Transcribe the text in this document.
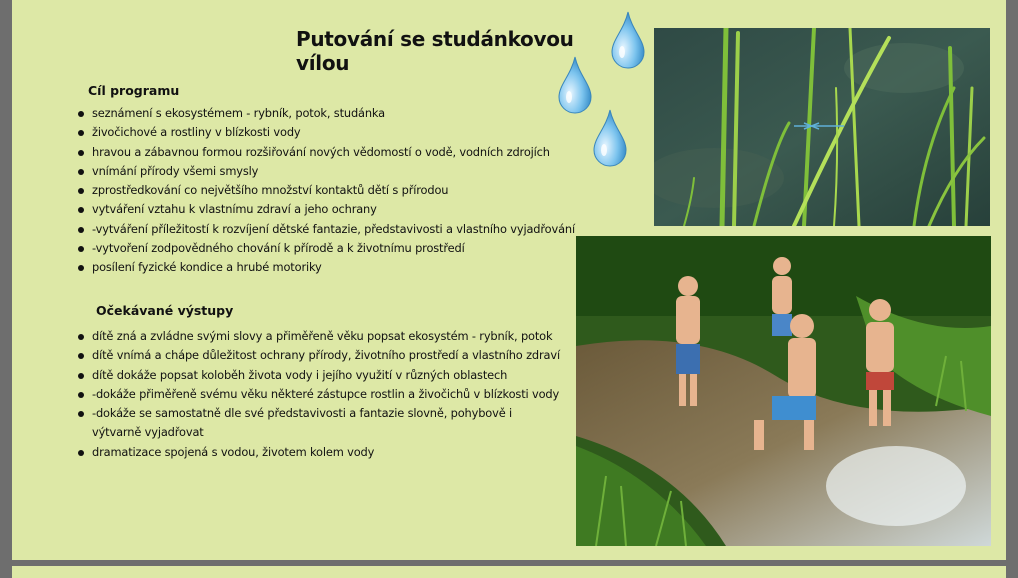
Putování se studánkovou vílou
Cíl programu
seznámení s ekosystémem - rybník, potok, studánka
živočichové a rostliny v blízkosti vody
hravou a zábavnou formou rozšiřování nových vědomostí o vodě, vodních zdrojích
vnímání přírody všemi smysly
zprostředkování co největšího množství kontaktů dětí s přírodou
vytváření vztahu k vlastnímu zdraví a jeho ochrany
-vytváření příležitostí k rozvíjení dětské fantazie, představivosti a vlastního vyjadřování
-vytvoření zodpovědného chování k přírodě a k životnímu prostředí
posílení fyzické kondice a hrubé motoriky
Očekávané výstupy
dítě zná a zvládne svými slovy a přiměřeně věku popsat ekosystém - rybník, potok
dítě vnímá a chápe důležitost ochrany přírody, životního prostředí a vlastního zdraví
dítě dokáže popsat koloběh života vody i jejího využití v různých oblastech
-dokáže přiměřeně svému věku některé zástupce rostlin a živočichů v blízkosti vody
-dokáže se samostatně dle své představivosti a fantazie slovně, pohybově i výtvarně vyjadřovat
dramatizace spojená s vodou, životem kolem vody
